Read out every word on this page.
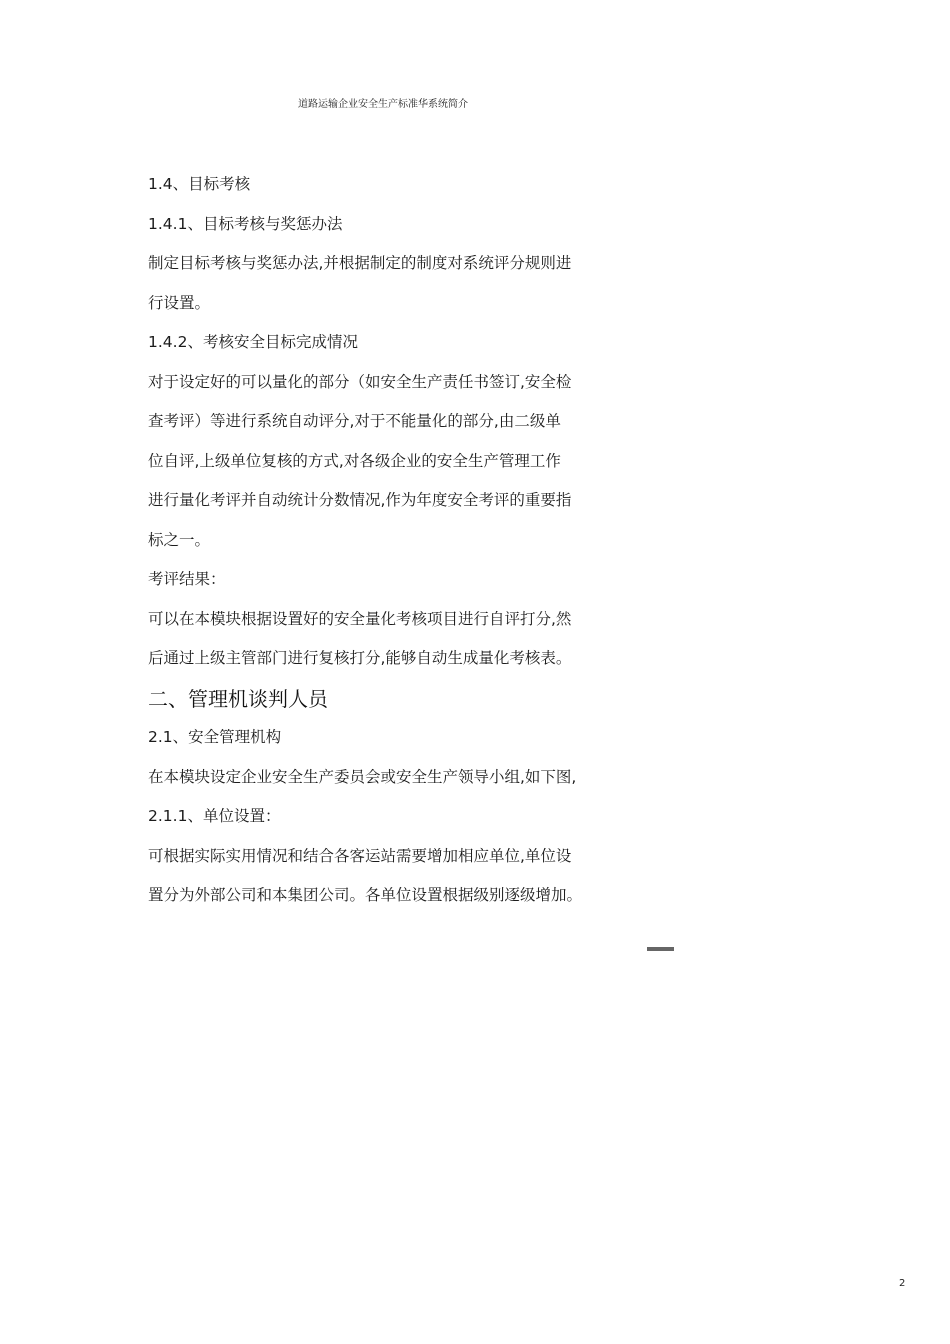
道路运输企业安全生产标准华系统简介
1.4、目标考核
1.4.1、目标考核与奖惩办法
制定目标考核与奖惩办法,并根据制定的制度对系统评分规则进
行设置。
1.4.2、考核安全目标完成情况
对于设定好的可以量化的部分（如安全生产责任书签订,安全检
查考评）等进行系统自动评分,对于不能量化的部分,由二级单
位自评,上级单位复核的方式,对各级企业的安全生产管理工作
进行量化考评并自动统计分数情况,作为年度安全考评的重要指
标之一。
考评结果：
可以在本模块根据设置好的安全量化考核项目进行自评打分,然
后通过上级主管部门进行复核打分,能够自动生成量化考核表。
二、管理机谈判人员
2.1、安全管理机构
在本模块设定企业安全生产委员会或安全生产领导小组,如下图,
2.1.1、单位设置：
可根据实际实用情况和结合各客运站需要增加相应单位,单位设
置分为外部公司和本集团公司。各单位设置根据级别逐级增加。
2
